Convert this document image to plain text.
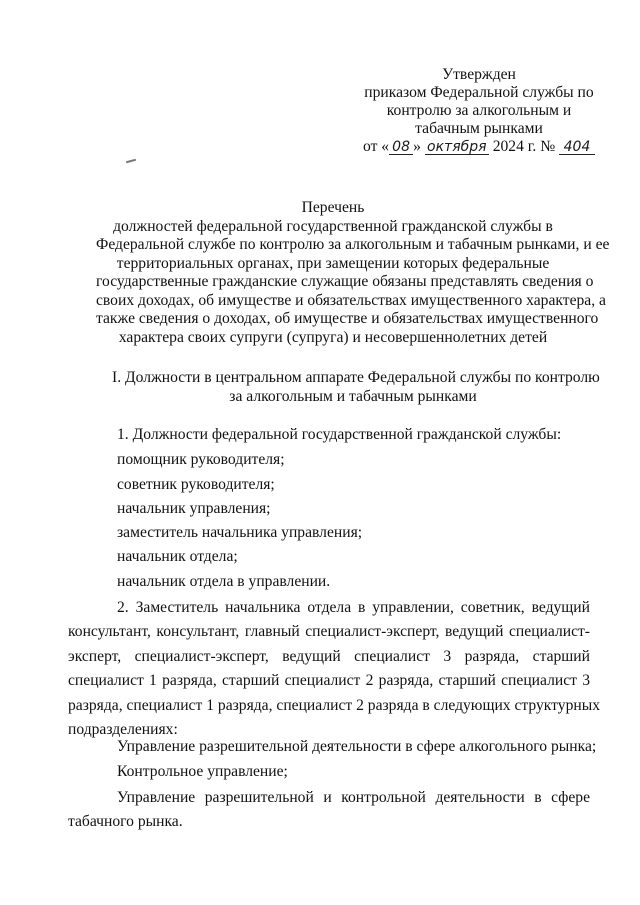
Утвержден
приказом Федеральной службы по
контролю за алкогольным и
табачным рынками
от « 08 » октября 2024 г. № 404
Перечень
должностей федеральной государственной гражданской службы в
Федеральной службе по контролю за алкогольным и табачным рынками, и ее
территориальных органах, при замещении которых федеральные
государственные гражданские служащие обязаны представлять сведения о
своих доходах, об имуществе и обязательствах имущественного характера, а
также сведения о доходах, об имуществе и обязательствах имущественного
характера своих супруги (супруга) и несовершеннолетних детей
I. Должности в центральном аппарате Федеральной службы по контролю
за алкогольным и табачным рынками
1. Должности федеральной государственной гражданской службы:
помощник руководителя;
советник руководителя;
начальник управления;
заместитель начальника управления;
начальник отдела;
начальник отдела в управлении.
2. Заместитель начальника отдела в управлении, советник, ведущий
консультант, консультант, главный специалист-эксперт, ведущий специалист-
эксперт, специалист-эксперт, ведущий специалист 3 разряда, старший
специалист 1 разряда, старший специалист 2 разряда, старший специалист 3
разряда, специалист 1 разряда, специалист 2 разряда в следующих структурных
подразделениях:
Управление разрешительной деятельности в сфере алкогольного рынка;
Контрольное управление;
Управление разрешительной и контрольной деятельности в сфере
табачного рынка.
